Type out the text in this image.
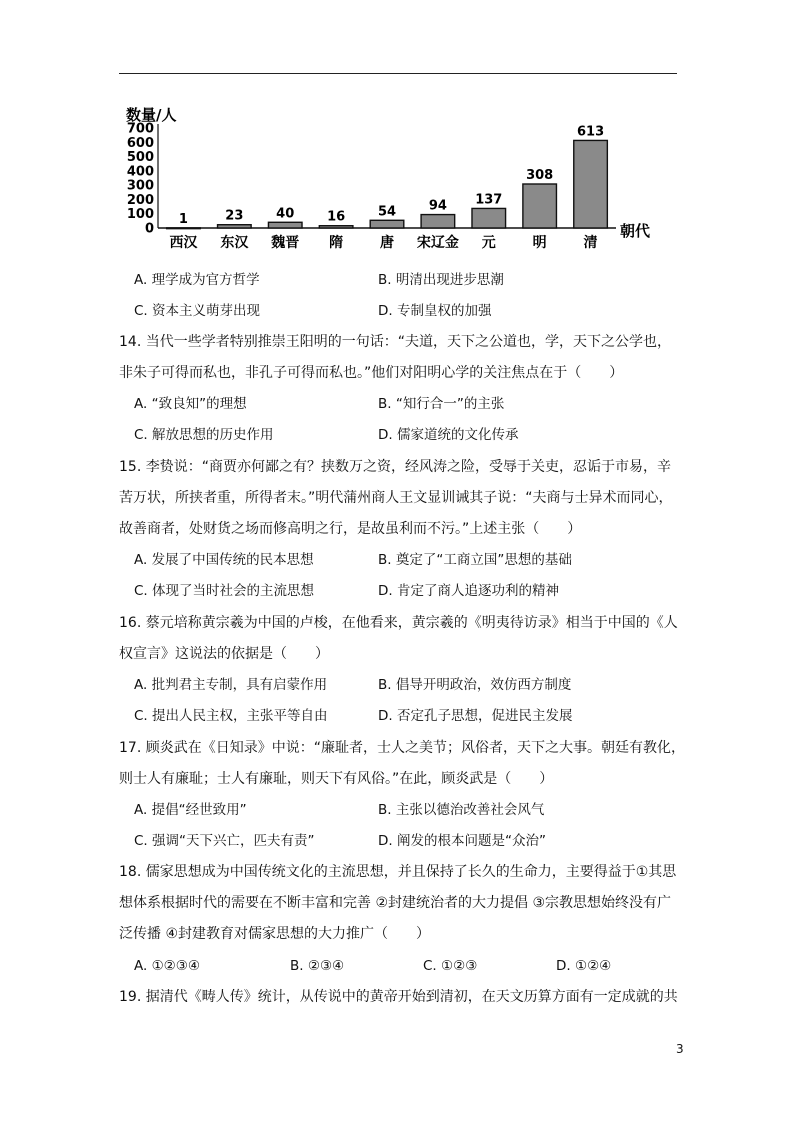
数量/人
0
100
200
300
400
500
600
700
1
西汉
23
东汉
40
魏晋
16
隋
54
唐
94
宋辽金
137
元
308
明
613
清
朝代
A. 理学成为官方哲学	B. 明清出现进步思潮
C. 资本主义萌芽出现	D. 专制皇权的加强
14. 当代一些学者特别推崇王阳明的一句话：“夫道，天下之公道也，学，天下之公学也，
非朱子可得而私也，非孔子可得而私也。”他们对阳明心学的关注焦点在于（　　）
A. “致良知”的理想	B. “知行合一”的主张
C. 解放思想的历史作用	D. 儒家道统的文化传承
15. 李贽说：“商贾亦何鄙之有？挟数万之资，经风涛之险，受辱于关吏，忍诟于市易，辛
苦万状，所挟者重，所得者末。”明代蒲州商人王文显训诫其子说：“夫商与士异术而同心，
故善商者，处财货之场而修高明之行，是故虽利而不污。”上述主张（　　）
A. 发展了中国传统的民本思想	B. 奠定了“工商立国”思想的基础
C. 体现了当时社会的主流思想	D. 肯定了商人追逐功利的精神
16. 蔡元培称黄宗羲为中国的卢梭，在他看来，黄宗羲的《明夷待访录》相当于中国的《人
权宣言》这说法的依据是（　　）
A. 批判君主专制，具有启蒙作用	B. 倡导开明政治，效仿西方制度
C. 提出人民主权，主张平等自由	D. 否定孔子思想，促进民主发展
17. 顾炎武在《日知录》中说：“廉耻者，士人之美节；风俗者，天下之大事。朝廷有教化，
则士人有廉耻；士人有廉耻，则天下有风俗。”在此，顾炎武是（　　）
A. 提倡“经世致用”	B. 主张以德治改善社会风气
C. 强调“天下兴亡，匹夫有责”	D. 阐发的根本问题是“众治”
18. 儒家思想成为中国传统文化的主流思想，并且保持了长久的生命力，主要得益于①其思
想体系根据时代的需要在不断丰富和完善 ②封建统治者的大力提倡 ③宗教思想始终没有广
泛传播 ④封建教育对儒家思想的大力推广（　　）
A. ①②③④	B. ②③④	C. ①②③	D. ①②④
19. 据清代《畴人传》统计，从传说中的黄帝开始到清初，在天文历算方面有一定成就的共
3
